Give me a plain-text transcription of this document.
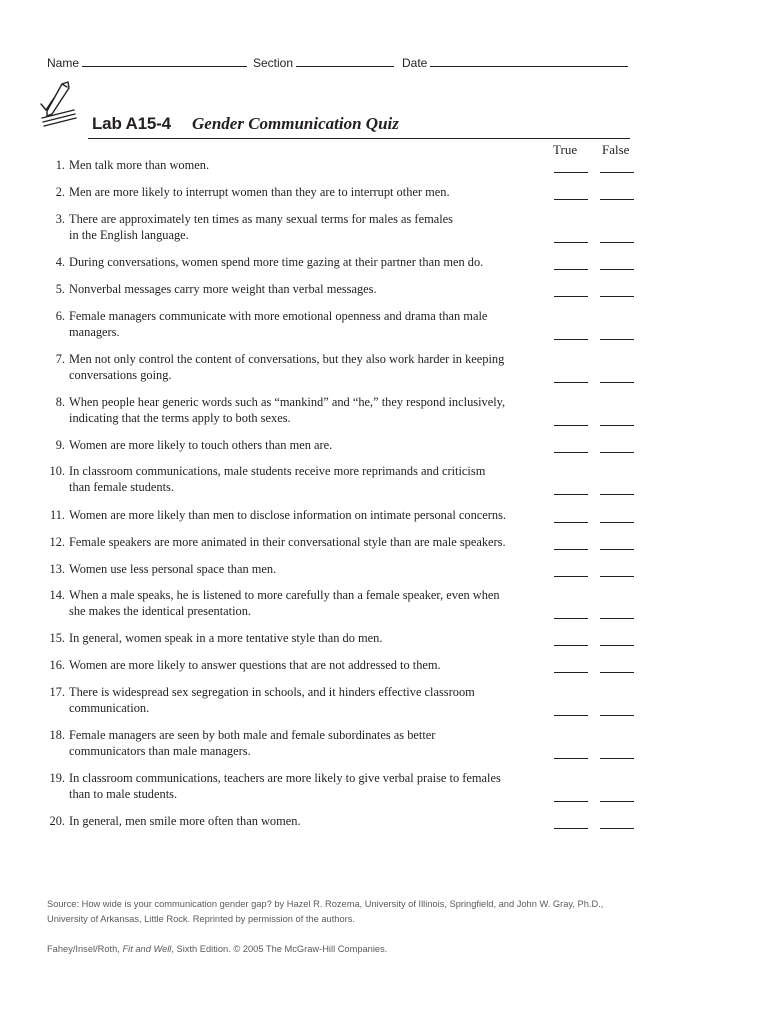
Name	Section	Date
Lab A15-4 Gender Communication Quiz
True False
1. Men talk more than women.
2. Men are more likely to interrupt women than they are to interrupt other men.
3. There are approximately ten times as many sexual terms for males as females
in the English language.
4. During conversations, women spend more time gazing at their partner than men do.
5. Nonverbal messages carry more weight than verbal messages.
6. Female managers communicate with more emotional openness and drama than male
managers.
7. Men not only control the content of conversations, but they also work harder in keeping
conversations going.
8. When people hear generic words such as “mankind” and “he,” they respond inclusively,
indicating that the terms apply to both sexes.
9. Women are more likely to touch others than men are.
10. In classroom communications, male students receive more reprimands and criticism
than female students.
11. Women are more likely than men to disclose information on intimate personal concerns.
12. Female speakers are more animated in their conversational style than are male speakers.
13. Women use less personal space than men.
14. When a male speaks, he is listened to more carefully than a female speaker, even when
she makes the identical presentation.
15. In general, women speak in a more tentative style than do men.
16. Women are more likely to answer questions that are not addressed to them.
17. There is widespread sex segregation in schools, and it hinders effective classroom
communication.
18. Female managers are seen by both male and female subordinates as better
communicators than male managers.
19. In classroom communications, teachers are more likely to give verbal praise to females
than to male students.
20. In general, men smile more often than women.
Source: How wide is your communication gender gap? by Hazel R. Rozema, University of Illinois, Springfield, and John W. Gray, Ph.D.,
University of Arkansas, Little Rock. Reprinted by permission of the authors.
Fahey/Insel/Roth, Fit and Well, Sixth Edition. © 2005 The McGraw-Hill Companies.
